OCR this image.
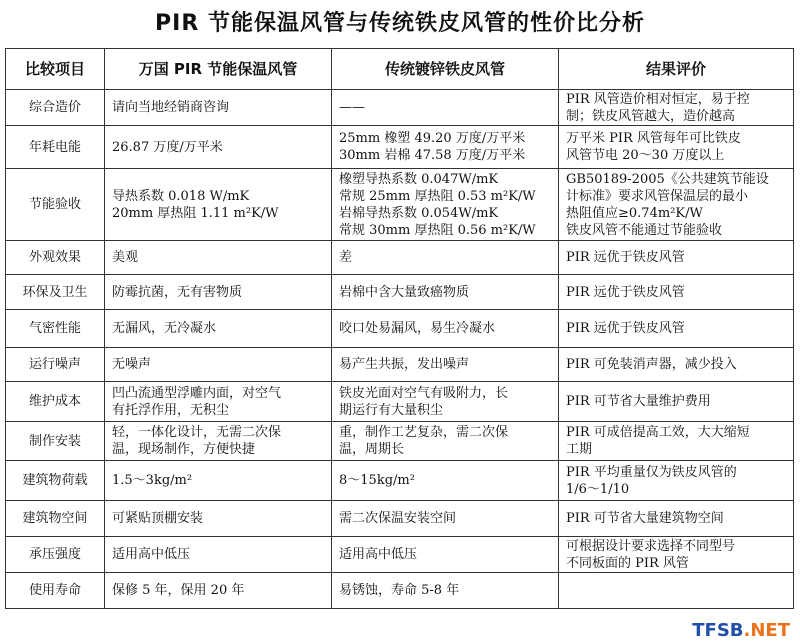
PIR 节能保温风管与传统铁皮风管的性价比分析
比较项目	万国 PIR 节能保温风管	传统镀锌铁皮风管	结果评价
综合造价	请向当地经销商咨询	——	PIR 风管造价相对恒定，易于控
制；铁皮风管越大，造价越高

年耗电能	26.87 万度/万平米	25mm 橡塑 49.20 万度/万平米
30mm 岩棉 47.58 万度/万平米	万平米 PIR 风管每年可比铁皮
风管节电 20～30 万度以上

节能验收	导热系数 0.018 W/mK
20mm 厚热阻 1.11 m²K/W	橡塑导热系数 0.047W/mK
常规 25mm 厚热阻 0.53 m²K/W
岩棉导热系数 0.054W/mK
常规 30mm 厚热阻 0.56 m²K/W	GB50189-2005《公共建筑节能设
计标准》要求风管保温层的最小
热阻值应≥0.74m²K/W
铁皮风管不能通过节能验收

外观效果	美观	差	PIR 远优于铁皮风管

环保及卫生	防霉抗菌，无有害物质	岩棉中含大量致癌物质	PIR 远优于铁皮风管

气密性能	无漏风，无冷凝水	咬口处易漏风，易生冷凝水	PIR 远优于铁皮风管

运行噪声	无噪声	易产生共振，发出噪声	PIR 可免装消声器，减少投入

维护成本	凹凸流通型浮雕内面，对空气
有托浮作用，无积尘	铁皮光面对空气有吸附力，长
期运行有大量积尘	PIR 可节省大量维护费用

制作安装	轻，一体化设计，无需二次保
温，现场制作，方便快捷	重，制作工艺复杂，需二次保
温，周期长	PIR 可成倍提高工效，大大缩短
工期

建筑物荷载	1.5～3kg/m²	8～15kg/m²	PIR 平均重量仅为铁皮风管的
1/6～1/10

建筑物空间	可紧贴顶棚安装	需二次保温安装空间	PIR 可节省大量建筑物空间

承压强度	适用高中低压	适用高中低压	可根据设计要求选择不同型号
不同板面的 PIR 风管

使用寿命	保修 5 年，保用 20 年	易锈蚀，寿命 5-8 年	

TFSB.NET
